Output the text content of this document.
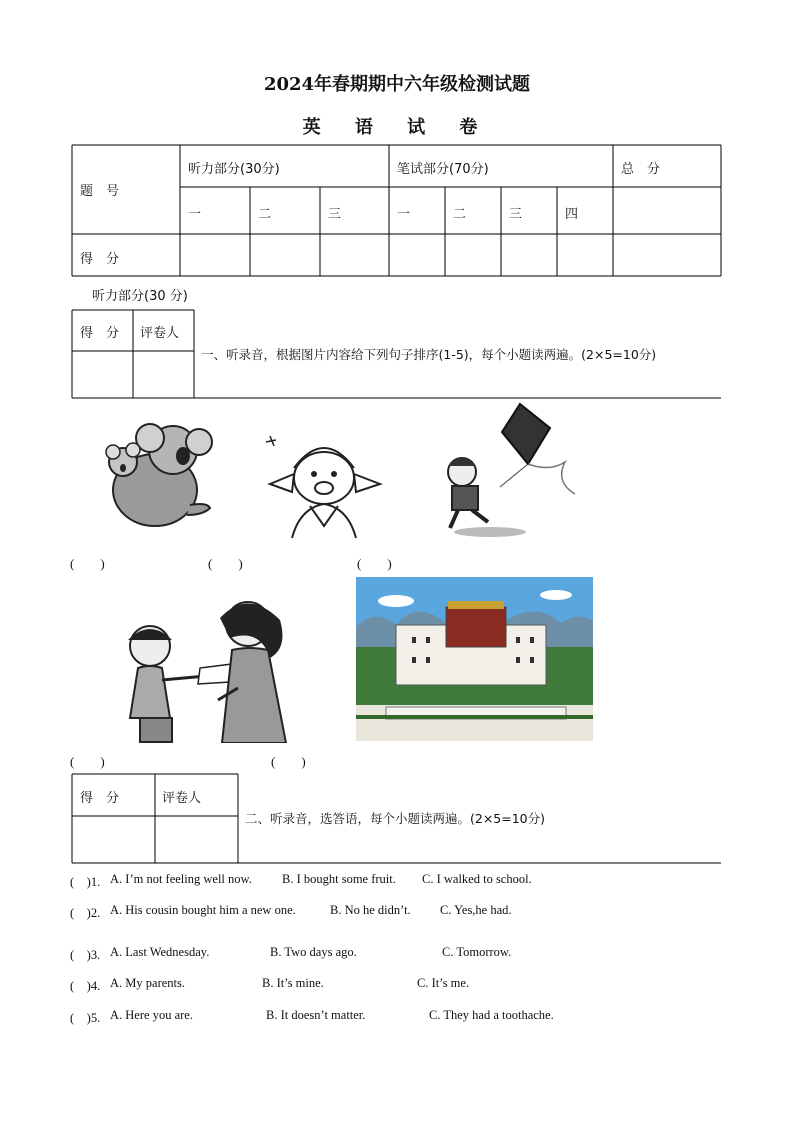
2024年春期期中六年级检测试题
英 语 试 卷
题　号
听力部分(30分)	笔试部分(70分)	总　分
一	二	三	一	二	三	四
得　分
听力部分(30 分)
得　分 评卷人
一、听录音，根据图片内容给下列句子排序(1-5)，每个小题读两遍。(2×5=10分)
(　　)	(　　)	(　　)
(　　)	(　　)
得　分	评卷人
二、听录音，选答语，每个小题读两遍。(2×5=10分)
(　)1. A. I’m not feeling well now. B. I bought some fruit. C. I walked to school.
(　)2. A. His cousin bought him a new one.	B. No he didn’t. C. Yes,he had.
(　)3. A. Last Wednesday.	B. Two days ago.	C. Tomorrow.
(　)4. A. My parents.	B. It’s mine.	C. It’s me.
(　)5. A. Here you are.	B. It doesn’t matter.	C. They had a toothache.
